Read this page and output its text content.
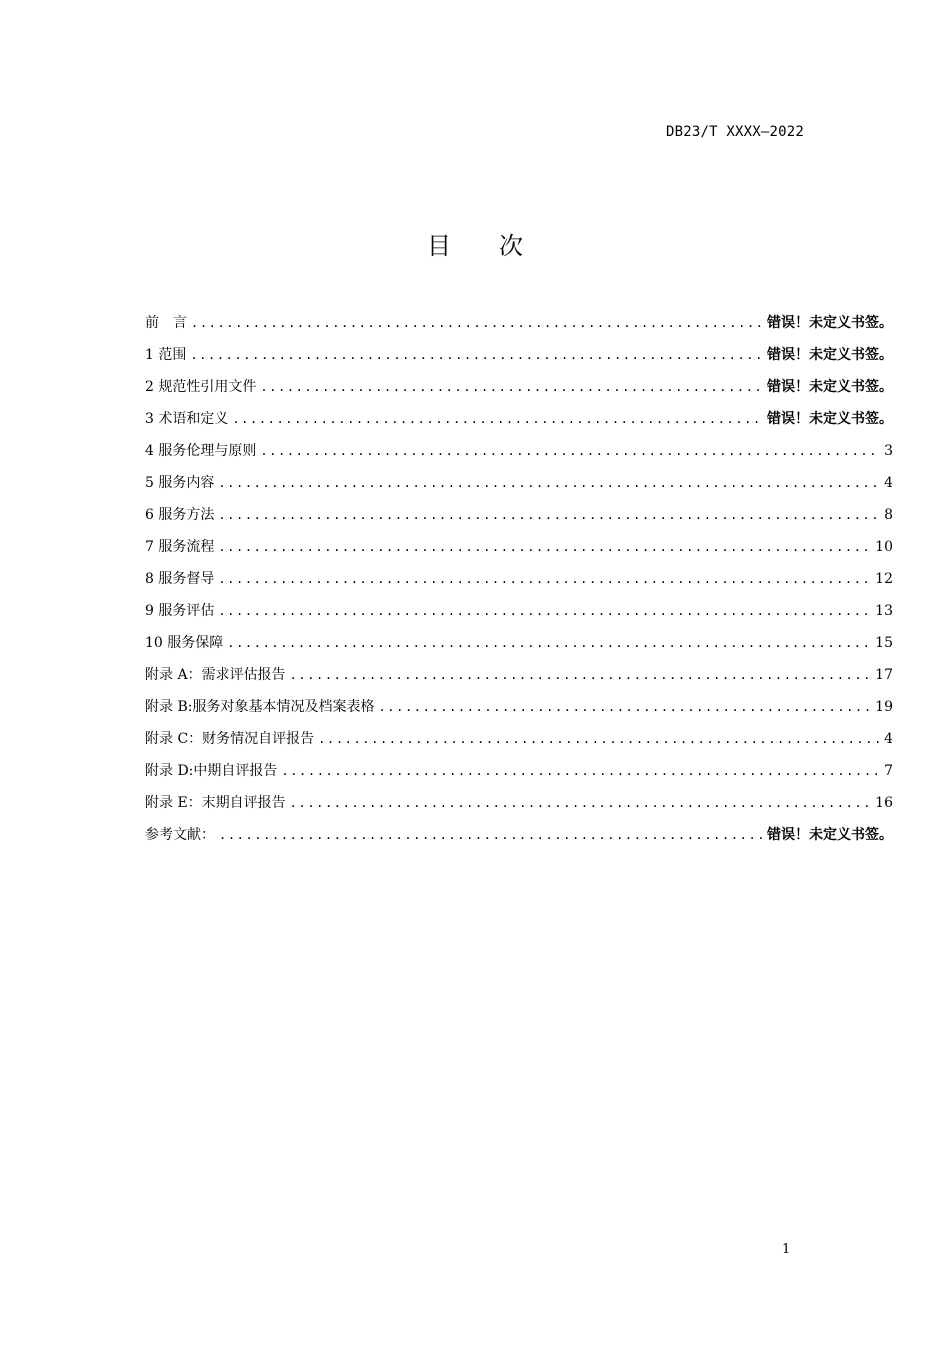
DB23/T XXXX—2022
目 次
前　言 .....	错误！未定义书签。
1 范围 .....	错误！未定义书签。
2 规范性引用文件 .....	错误！未定义书签。
3 术语和定义 .....	错误！未定义书签。
4 服务伦理与原则 .....	3
5 服务内容 .....	4
6 服务方法 .....	8
7 服务流程 .....	10
8 服务督导 .....	12
9 服务评估 .....	13
10 服务保障 .....	15
附录 A：需求评估报告 .....	17
附录 B:服务对象基本情况及档案表格 .....	19
附录 C：财务情况自评报告 .....	4
附录 D:中期自评报告 .....	7
附录 E：末期自评报告 .....	16
参考文献： .....	错误！未定义书签。
1
